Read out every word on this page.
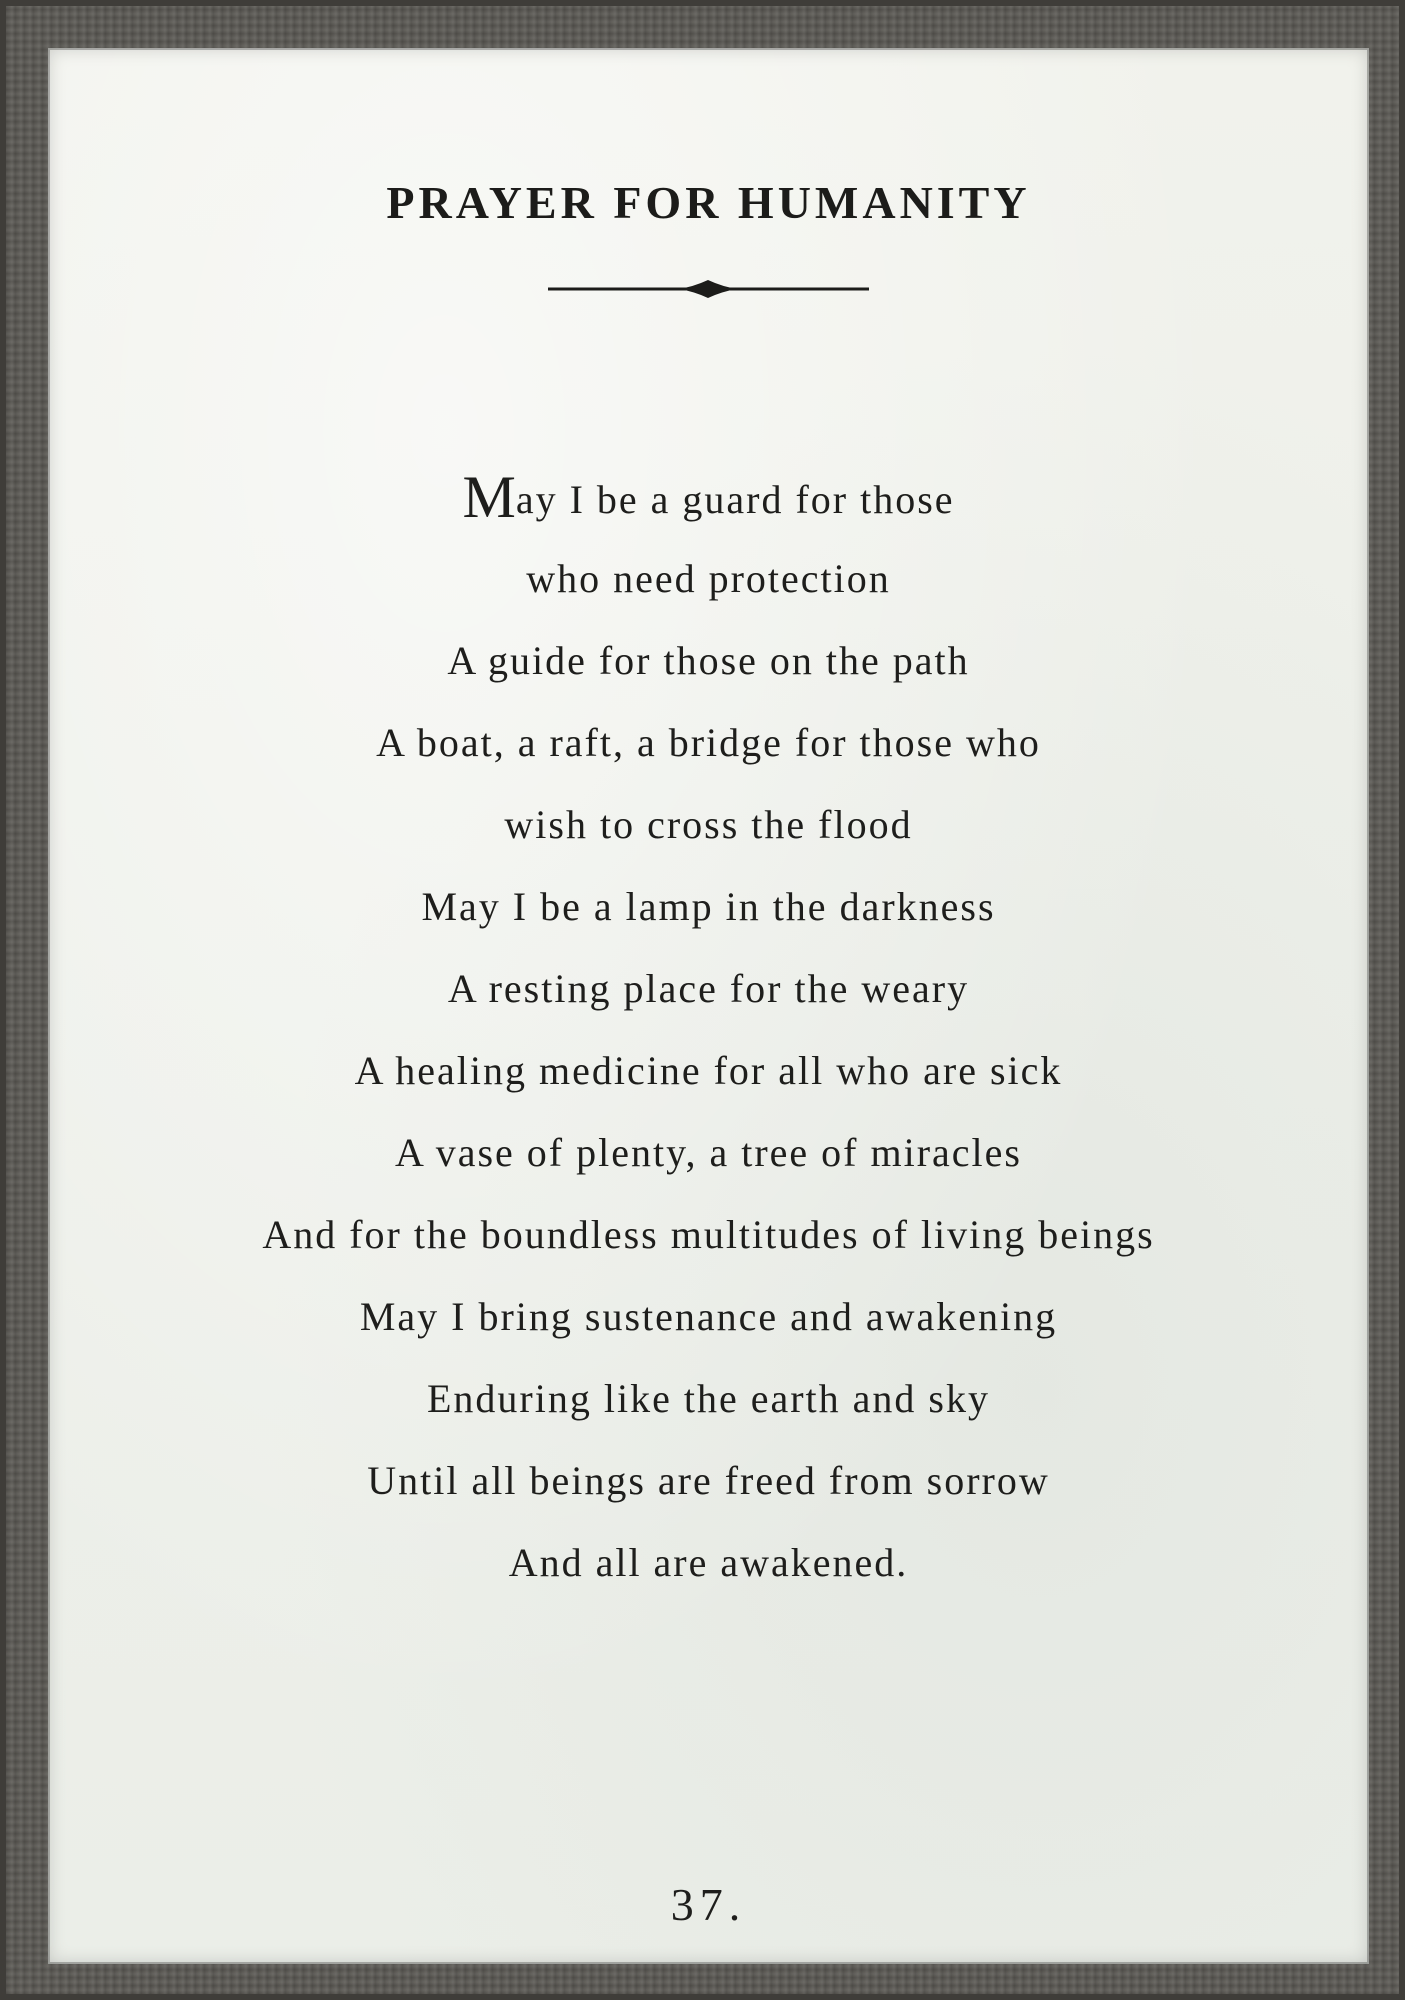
PRAYER FOR HUMANITY
May I be a guard for those
who need protection
A guide for those on the path
A boat, a raft, a bridge for those who
wish to cross the flood
May I be a lamp in the darkness
A resting place for the weary
A healing medicine for all who are sick
A vase of plenty, a tree of miracles
And for the boundless multitudes of living beings
May I bring sustenance and awakening
Enduring like the earth and sky
Until all beings are freed from sorrow
And all are awakened.
37.
